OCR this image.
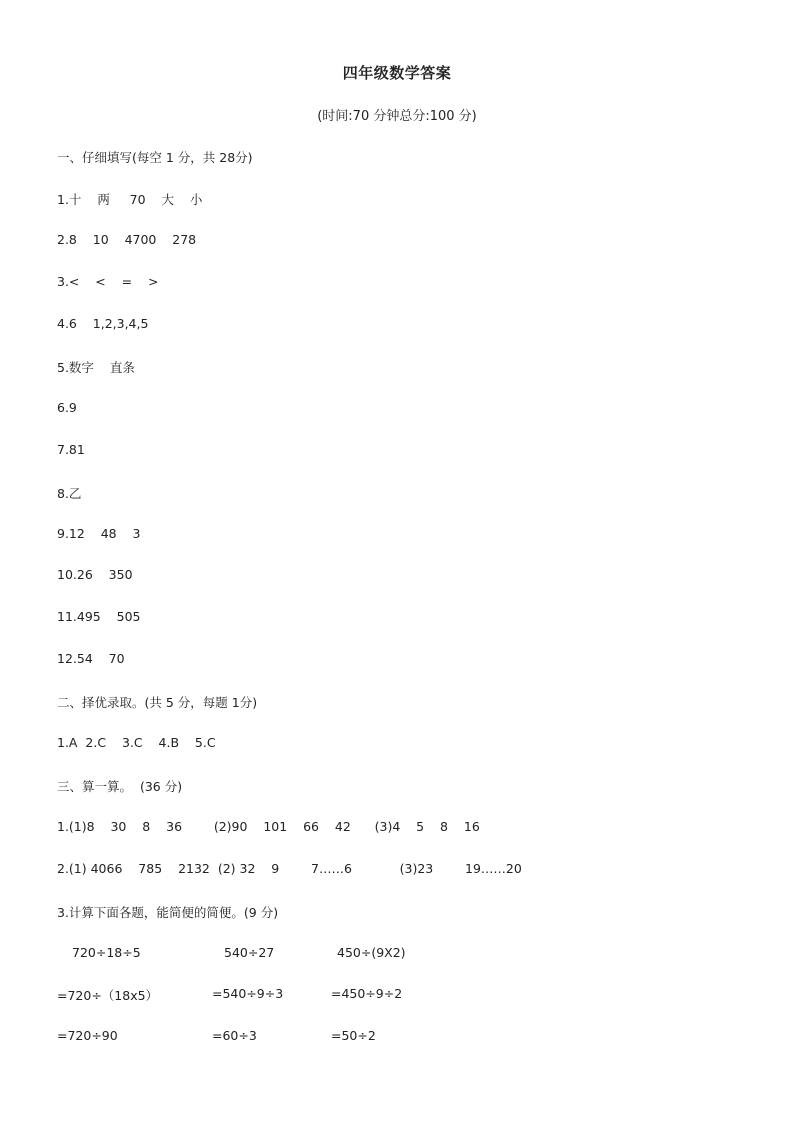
四年级数学答案
(时间:70 分钟总分:100 分)
一、仔细填写(每空 1 分，共 28分)
1.十    两     70    大    小
2.8    10    4700    278
3.<    <    =    >
4.6    1,2,3,4,5
5.数字    直条
6.9
7.81
8.乙
9.12    48    3
10.26    350
11.495    505
12.54    70
二、择优录取。(共 5 分，每题 1分)
1.A  2.C    3.C    4.B    5.C
三、算一算。  (36 分)
1.(1)8    30    8    36        (2)90    101    66    42      (3)4    5    8    16
2.(1) 4066    785    2132  (2) 32    9        7……6            (3)23        19……20
3.计算下面各题，能简便的简便。(9 分)
720÷18÷5
=720÷（18x5）
=720÷90
540÷27
=540÷9÷3
=60÷3
450÷(9X2)
=450÷9÷2
=50÷2
